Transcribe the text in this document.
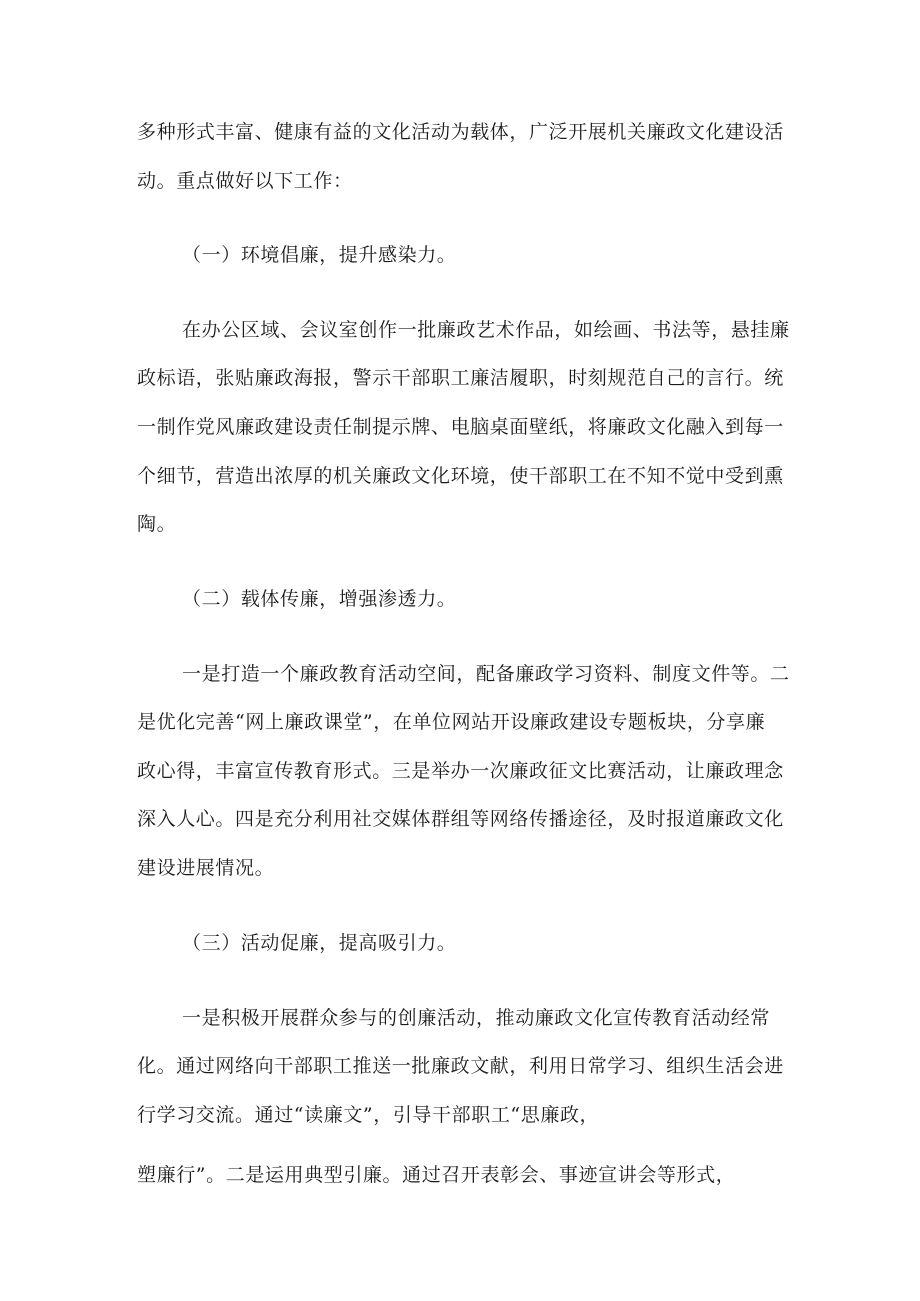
多种形式丰富、健康有益的文化活动为载体，广泛开展机关廉政文化建设活
动。重点做好以下工作：
（一）环境倡廉，提升感染力。
在办公区域、会议室创作一批廉政艺术作品，如绘画、书法等，悬挂廉
政标语，张贴廉政海报，警示干部职工廉洁履职，时刻规范自己的言行。统
一制作党风廉政建设责任制提示牌、电脑桌面壁纸，将廉政文化融入到每一
个细节，营造出浓厚的机关廉政文化环境，使干部职工在不知不觉中受到熏
陶。
（二）载体传廉，增强渗透力。
一是打造一个廉政教育活动空间，配备廉政学习资料、制度文件等。二
是优化完善“网上廉政课堂”，在单位网站开设廉政建设专题板块，分享廉
政心得，丰富宣传教育形式。三是举办一次廉政征文比赛活动，让廉政理念
深入人心。四是充分利用社交媒体群组等网络传播途径，及时报道廉政文化
建设进展情况。
（三）活动促廉，提高吸引力。
一是积极开展群众参与的创廉活动，推动廉政文化宣传教育活动经常
化。通过网络向干部职工推送一批廉政文献，利用日常学习、组织生活会进
行学习交流。通过“读廉文”，引导干部职工“思廉政，
塑廉行”。二是运用典型引廉。通过召开表彰会、事迹宣讲会等形式，
